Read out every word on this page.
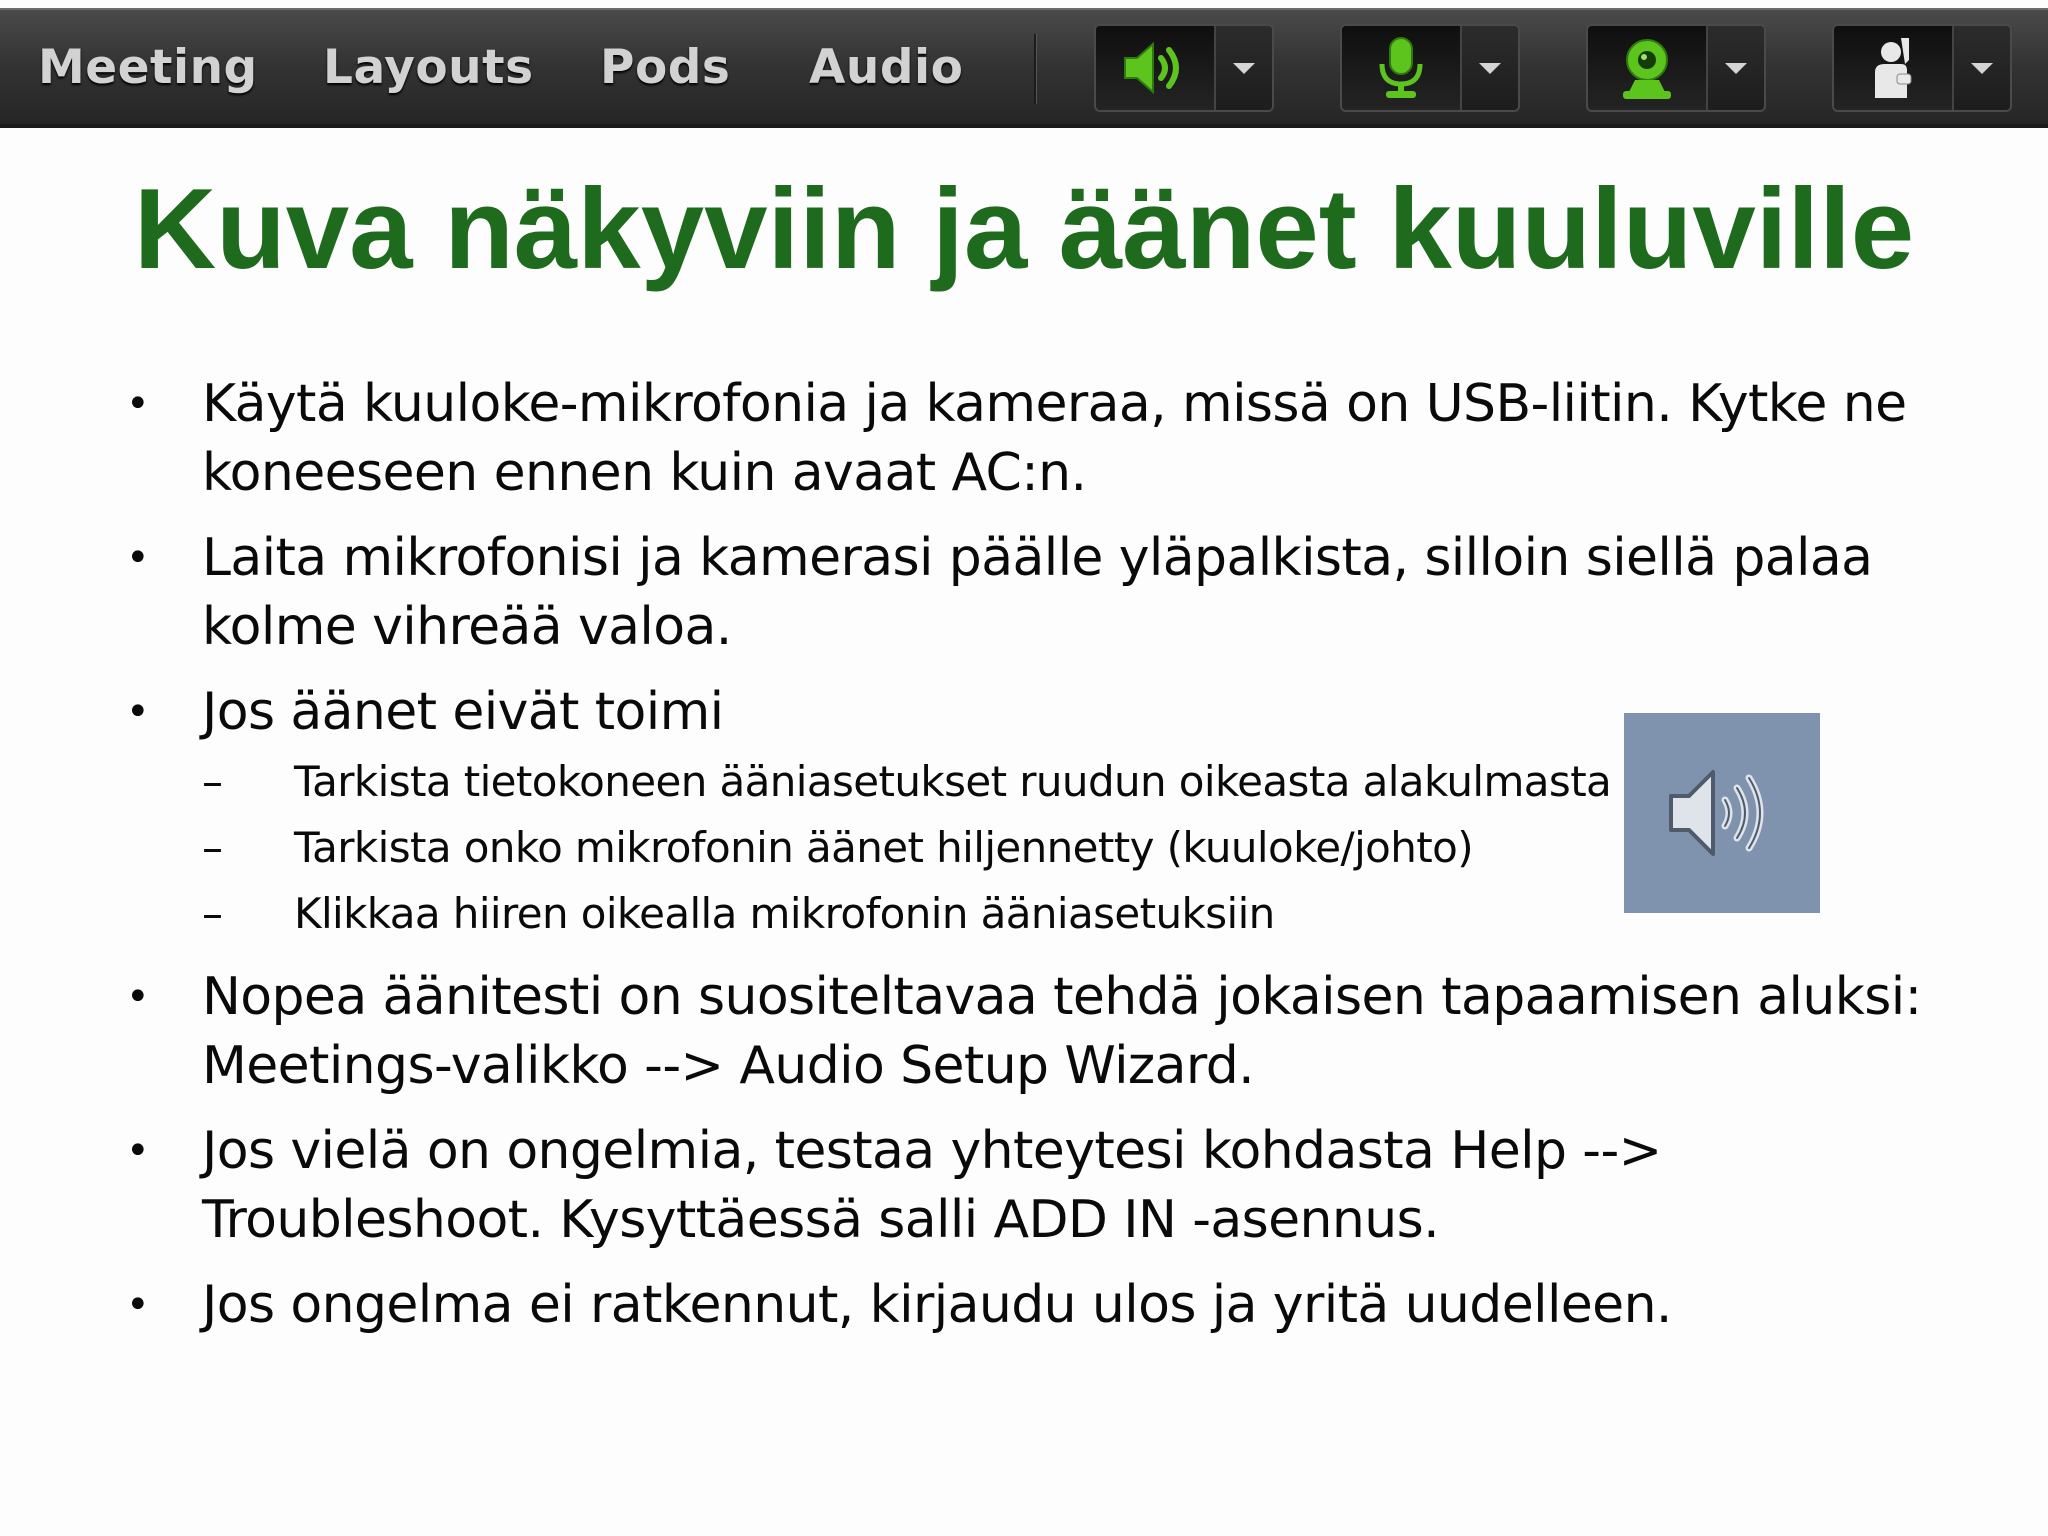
Meeting Layouts Pods Audio
Kuva näkyviin ja äänet kuuluville
• Käytä kuuloke-mikrofonia ja kameraa, missä on USB-liitin. Kytke ne koneeseen ennen kuin avaat AC:n.
• Laita mikrofonisi ja kamerasi päälle yläpalkista, silloin siellä palaa kolme vihreää valoa.
• Jos äänet eivät toimi
– Tarkista tietokoneen ääniasetukset ruudun oikeasta alakulmasta
– Tarkista onko mikrofonin äänet hiljennetty (kuuloke/johto)
– Klikkaa hiiren oikealla mikrofonin ääniasetuksiin
• Nopea äänitesti on suositeltavaa tehdä jokaisen tapaamisen aluksi: Meetings-valikko --> Audio Setup Wizard.
• Jos vielä on ongelmia, testaa yhteytesi kohdasta Help --> Troubleshoot. Kysyttäessä salli ADD IN -asennus.
• Jos ongelma ei ratkennut, kirjaudu ulos ja yritä uudelleen.
